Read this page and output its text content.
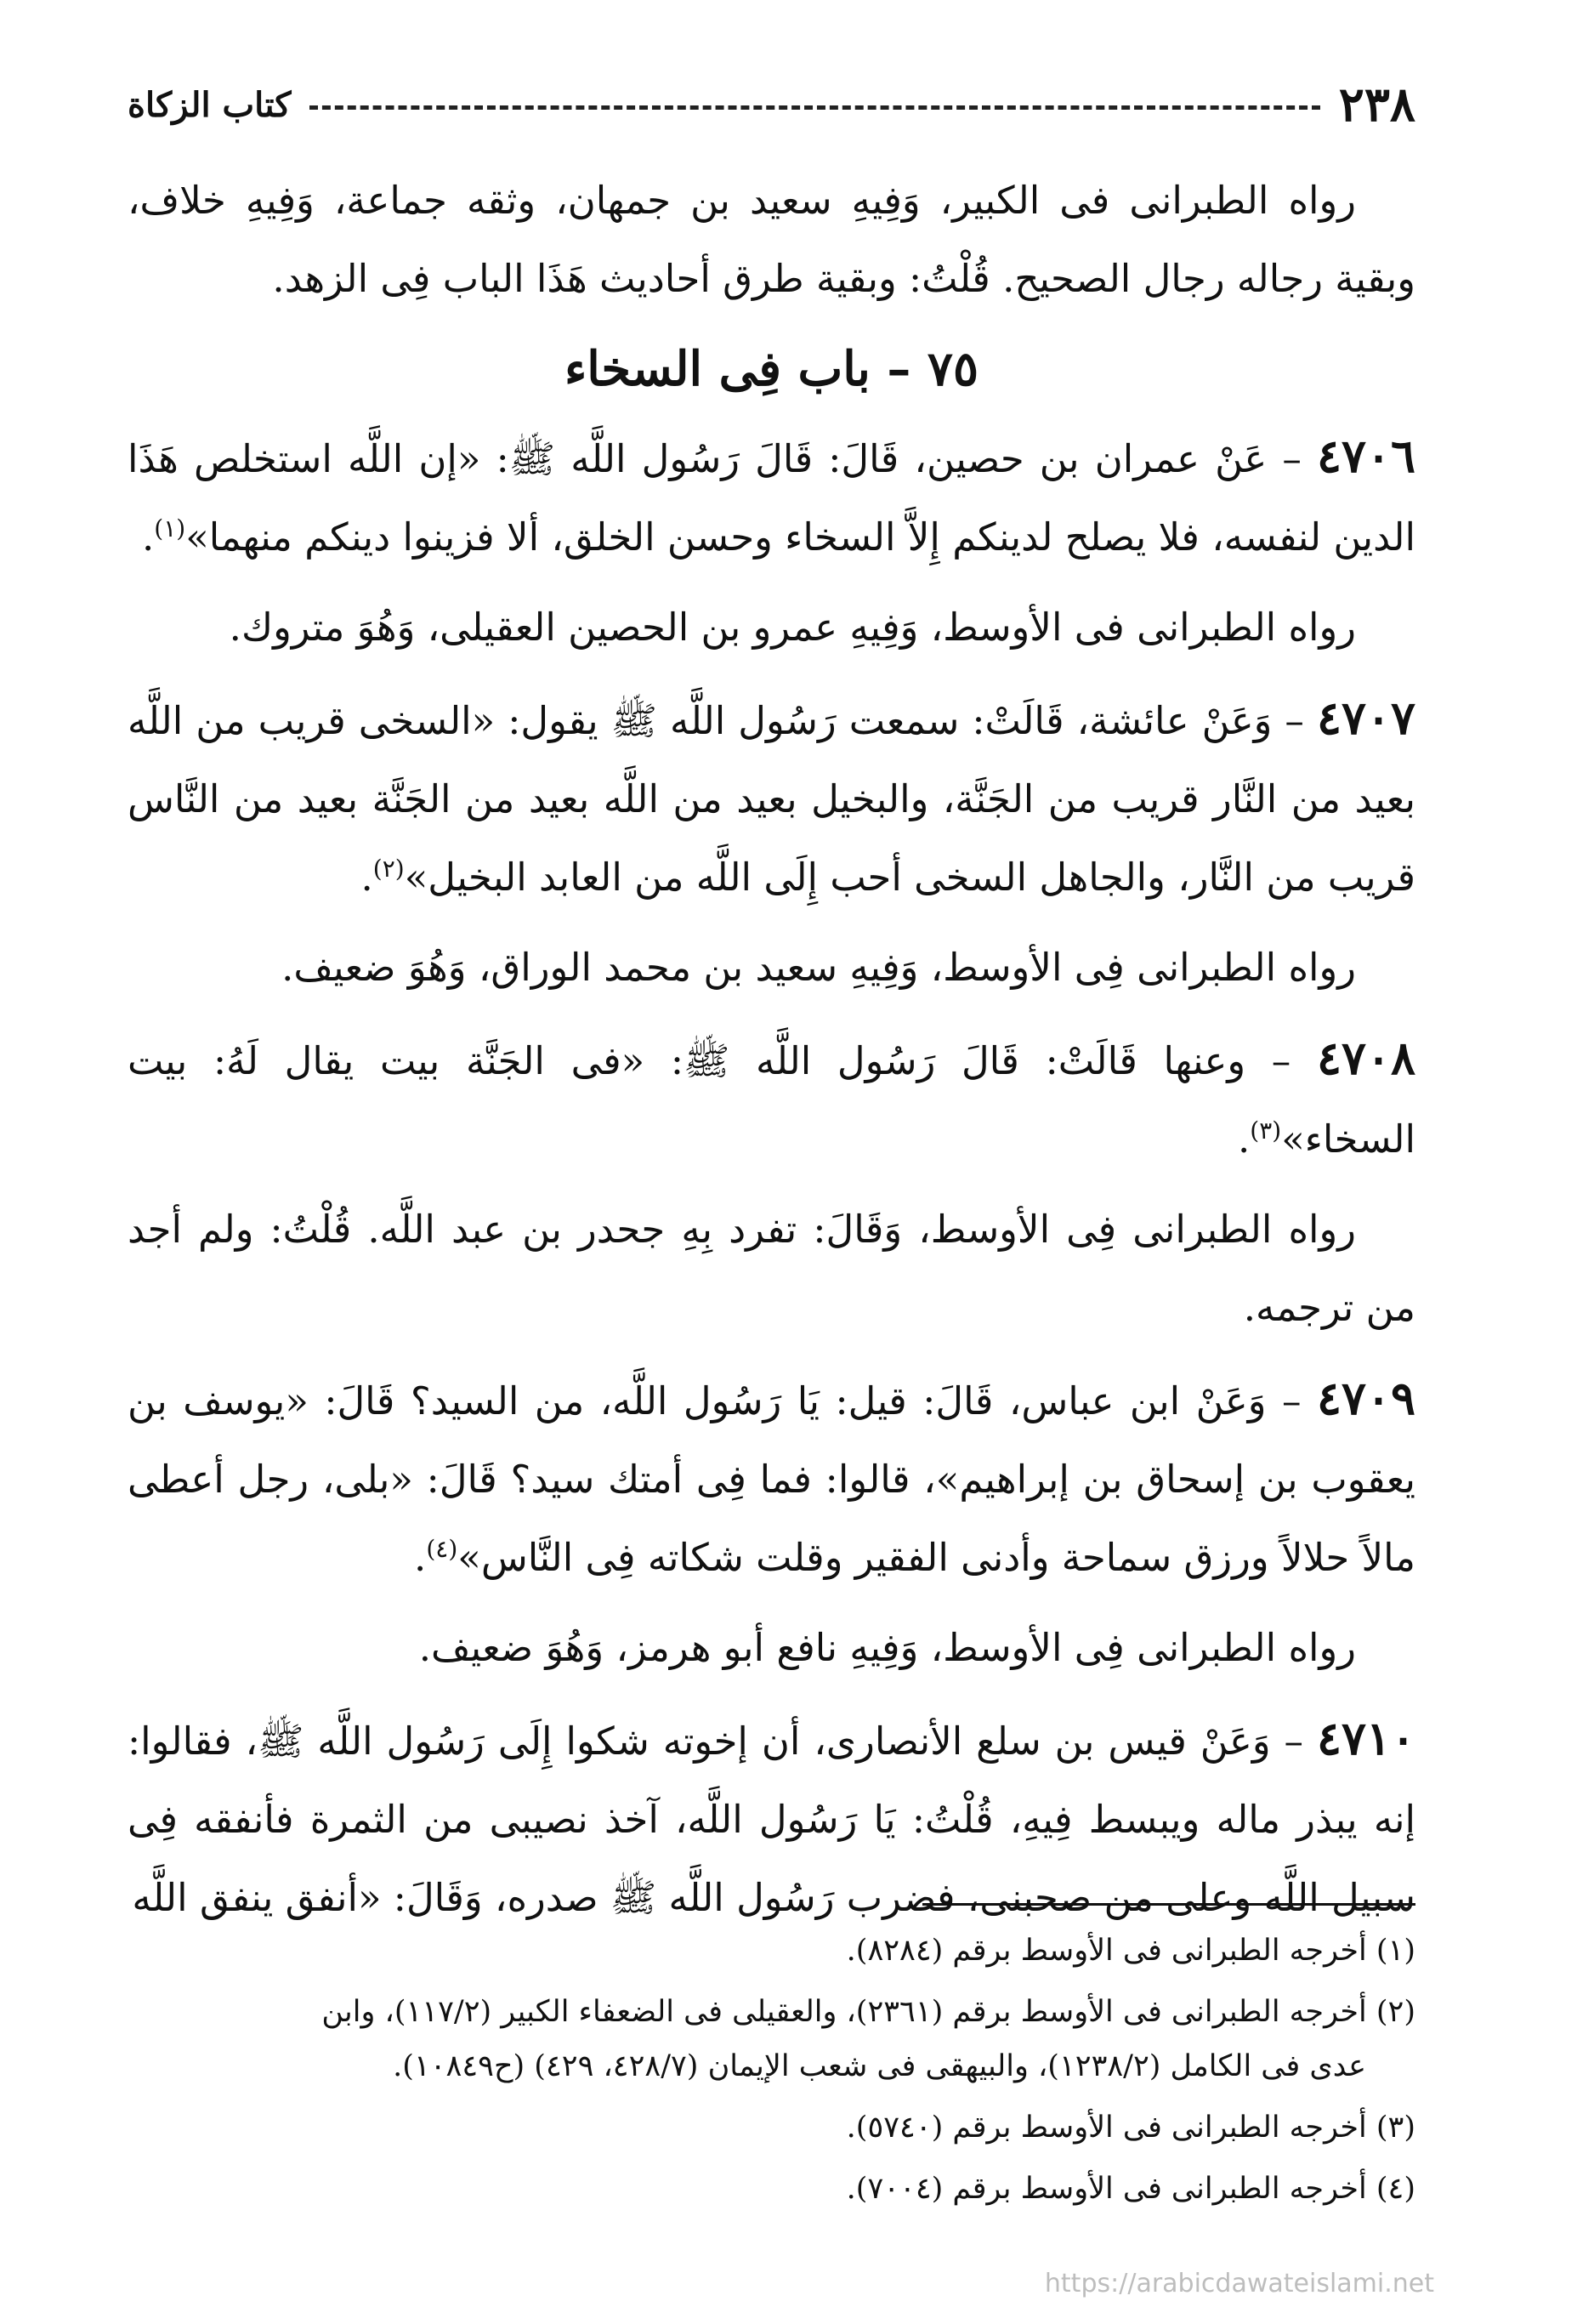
٢٣٨
كتاب الزكاة

رواه الطبرانى فى الكبير، وَفِيهِ سعيد بن جمهان، وثقه جماعة، وَفِيهِ خلاف، وبقية رجاله رجال الصحيح. قُلْتُ: وبقية طرق أحاديث هَذَا الباب فِى الزهد.

٧٥ – باب فِى السخاء

٤٧٠٦ – عَنْ عمران بن حصين، قَالَ: قَالَ رَسُول اللَّه ﷺ: «إن اللَّه استخلص هَذَا الدين لنفسه، فلا يصلح لدينكم إِلاَّ السخاء وحسن الخلق، ألا فزينوا دينكم منهما»$^{(١)}$.

رواه الطبرانى فى الأوسط، وَفِيهِ عمرو بن الحصين العقيلى، وَهُوَ متروك.

٤٧٠٧ – وَعَنْ عائشة، قَالَتْ: سمعت رَسُول اللَّه ﷺ يقول: «السخى قريب من اللَّه بعيد من النَّار قريب من الجَنَّة، والبخيل بعيد من اللَّه بعيد من الجَنَّة بعيد من النَّاس قريب من النَّار، والجاهل السخى أحب إِلَى اللَّه من العابد البخيل»$^{(٢)}$.

رواه الطبرانى فِى الأوسط، وَفِيهِ سعيد بن محمد الوراق، وَهُوَ ضعيف.

٤٧٠٨ – وعنها قَالَتْ: قَالَ رَسُول اللَّه ﷺ: «فى الجَنَّة بيت يقال لَهُ: بيت السخاء»$^{(٣)}$.

رواه الطبرانى فِى الأوسط، وَقَالَ: تفرد بِهِ جحدر بن عبد اللَّه. قُلْتُ: ولم أجد من ترجمه.

٤٧٠٩ – وَعَنْ ابن عباس، قَالَ: قيل: يَا رَسُول اللَّه، من السيد؟ قَالَ: «يوسف بن يعقوب بن إسحاق بن إبراهيم»، قالوا: فما فِى أمتك سيد؟ قَالَ: «بلى، رجل أعطى مالاً حلالاً ورزق سماحة وأدنى الفقير وقلت شكاته فِى النَّاس»$^{(٤)}$.

رواه الطبرانى فِى الأوسط، وَفِيهِ نافع أبو هرمز، وَهُوَ ضعيف.

٤٧١٠ – وَعَنْ قيس بن سلع الأنصارى، أن إخوته شكوا إِلَى رَسُول اللَّه ﷺ، فقالوا: إنه يبذر ماله ويبسط فِيهِ، قُلْتُ: يَا رَسُول اللَّه، آخذ نصيبى من الثمرة فأنفقه فِى سبيل اللَّه وعلى من صحبنى، فضرب رَسُول اللَّه ﷺ صدره، وَقَالَ: «أنفق ينفق اللَّه

(١) أخرجه الطبرانى فى الأوسط برقم (٨٢٨٤).

(٢) أخرجه الطبرانى فى الأوسط برقم (٢٣٦١)، والعقيلى فى الضعفاء الكبير (١١٧/٢)، وابن
عدى فى الكامل (١٢٣٨/٢)، والبيهقى فى شعب الإيمان (٤٢٨/٧، ٤٢٩) (ح١٠٨٤٩).

(٣) أخرجه الطبرانى فى الأوسط برقم (٥٧٤٠).

(٤) أخرجه الطبرانى فى الأوسط برقم (٧٠٠٤).

https://arabicdawateislami.net
